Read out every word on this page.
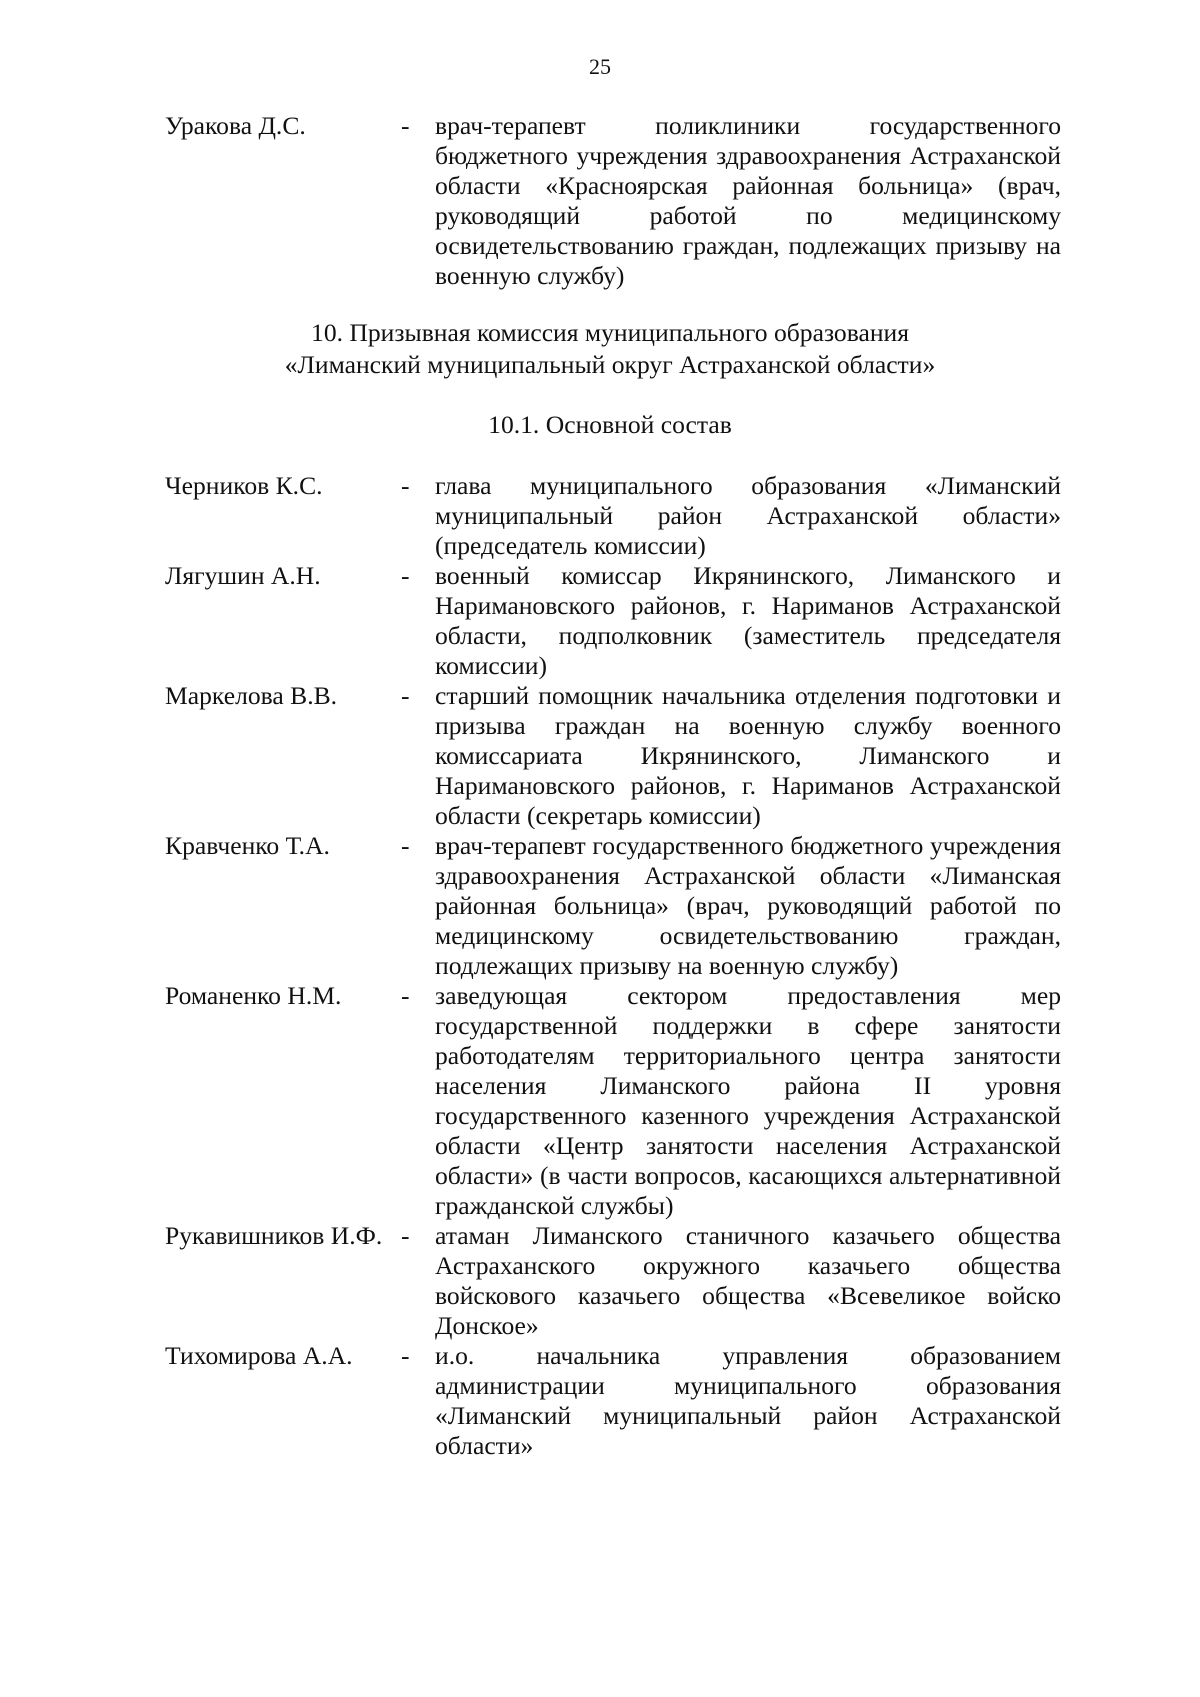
25
Уракова Д.С.	- врач-терапевт поликлиники государственного бюджетного учреждения здравоохранения Астраханской области «Красноярская районная больница» (врач, руководящий работой по медицинскому освидетельствованию граждан, подлежащих призыву на военную службу)
10. Призывная комиссия муниципального образования
«Лиманский муниципальный округ Астраханской области»
10.1. Основной состав
Черников К.С.	- глава муниципального образования «Лиманский муниципальный район Астраханской области» (председатель комиссии)
Лягушин А.Н.	- военный комиссар Икрянинского, Лиманского и Наримановского районов, г. Нариманов Астраханской области, подполковник (заместитель председателя комиссии)
Маркелова В.В.	- старший помощник начальника отделения подготовки и призыва граждан на военную службу военного комиссариата Икрянинского, Лиманского и Наримановского районов, г. Нариманов Астраханской области (секретарь комиссии)
Кравченко Т.А.	- врач-терапевт государственного бюджетного учреждения здравоохранения Астраханской области «Лиманская районная больница» (врач, руководящий работой по медицинскому освидетельствованию граждан, подлежащих призыву на военную службу)
Романенко Н.М.	- заведующая сектором предоставления мер государственной поддержки в сфере занятости работодателям территориального центра занятости населения Лиманского района II уровня государственного казенного учреждения Астраханской области «Центр занятости населения Астраханской области» (в части вопросов, касающихся альтернативной гражданской службы)
Рукавишников И.Ф. - атаман Лиманского станичного казачьего общества Астраханского окружного казачьего общества войскового казачьего общества «Всевеликое войско Донское»
Тихомирова А.А.	- и.о. начальника управления образованием администрации муниципального образования «Лиманский муниципальный район Астраханской области»
